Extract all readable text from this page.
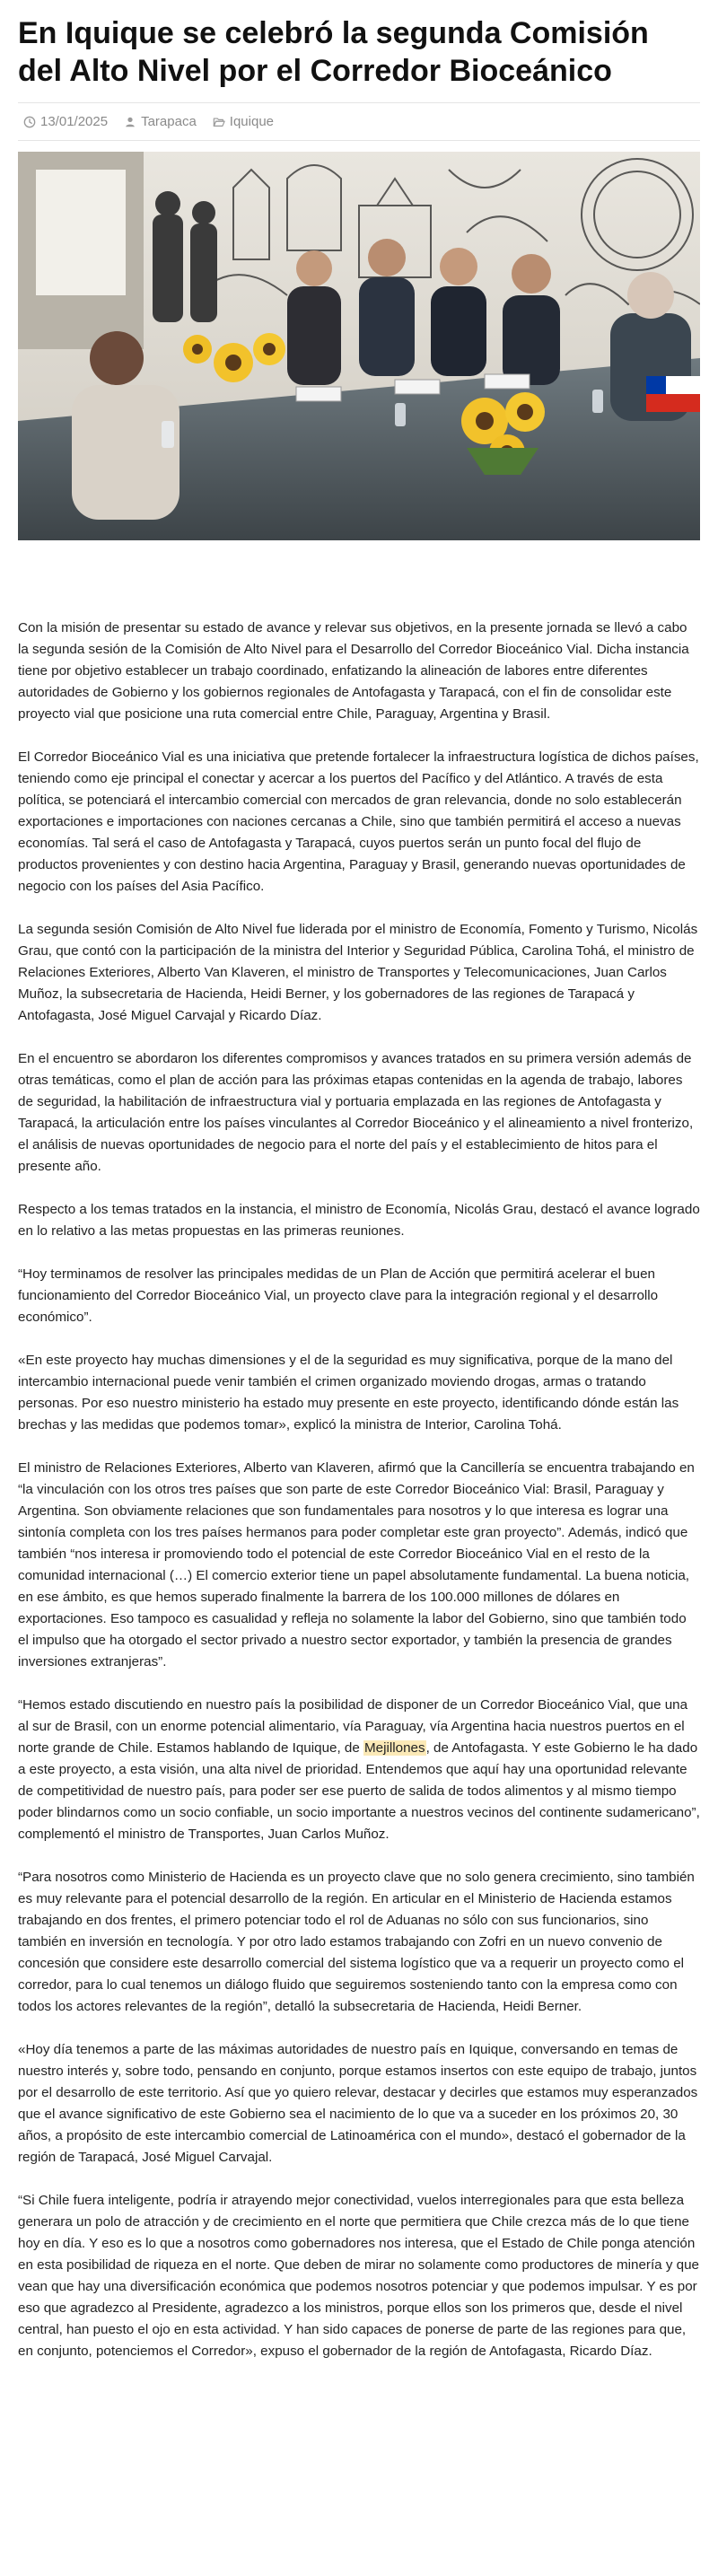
En Iquique se celebró la segunda Comisión del Alto Nivel por el Corredor Bioceánico
13/01/2025 Tarapaca Iquique

Con la misión de presentar su estado de avance y relevar sus objetivos, en la presente jornada se llevó a cabo la segunda sesión de la Comisión de Alto Nivel para el Desarrollo del Corredor Bioceánico Vial. Dicha instancia tiene por objetivo establecer un trabajo coordinado, enfatizando la alineación de labores entre diferentes autoridades de Gobierno y los gobiernos regionales de Antofagasta y Tarapacá, con el fin de consolidar este proyecto vial que posicione una ruta comercial entre Chile, Paraguay, Argentina y Brasil.

El Corredor Bioceánico Vial es una iniciativa que pretende fortalecer la infraestructura logística de dichos países, teniendo como eje principal el conectar y acercar a los puertos del Pacífico y del Atlántico. A través de esta política, se potenciará el intercambio comercial con mercados de gran relevancia, donde no solo establecerán exportaciones e importaciones con naciones cercanas a Chile, sino que también permitirá el acceso a nuevas economías. Tal será el caso de Antofagasta y Tarapacá, cuyos puertos serán un punto focal del flujo de productos provenientes y con destino hacia Argentina, Paraguay y Brasil, generando nuevas oportunidades de negocio con los países del Asia Pacífico.

La segunda sesión Comisión de Alto Nivel fue liderada por el ministro de Economía, Fomento y Turismo, Nicolás Grau, que contó con la participación de la ministra del Interior y Seguridad Pública, Carolina Tohá, el ministro de Relaciones Exteriores, Alberto Van Klaveren, el ministro de Transportes y Telecomunicaciones, Juan Carlos Muñoz, la subsecretaria de Hacienda, Heidi Berner, y los gobernadores de las regiones de Tarapacá y Antofagasta, José Miguel Carvajal y Ricardo Díaz.

En el encuentro se abordaron los diferentes compromisos y avances tratados en su primera versión además de otras temáticas, como el plan de acción para las próximas etapas contenidas en la agenda de trabajo, labores de seguridad, la habilitación de infraestructura vial y portuaria emplazada en las regiones de Antofagasta y Tarapacá, la articulación entre los países vinculantes al Corredor Bioceánico y el alineamiento a nivel fronterizo, el análisis de nuevas oportunidades de negocio para el norte del país y el establecimiento de hitos para el presente año.

Respecto a los temas tratados en la instancia, el ministro de Economía, Nicolás Grau, destacó el avance logrado en lo relativo a las metas propuestas en las primeras reuniones.

“Hoy terminamos de resolver las principales medidas de un Plan de Acción que permitirá acelerar el buen funcionamiento del Corredor Bioceánico Vial, un proyecto clave para la integración regional y el desarrollo económico”.

«En este proyecto hay muchas dimensiones y el de la seguridad es muy significativa, porque de la mano del intercambio internacional puede venir también el crimen organizado moviendo drogas, armas o tratando personas. Por eso nuestro ministerio ha estado muy presente en este proyecto, identificando dónde están las brechas y las medidas que podemos tomar», explicó la ministra de Interior, Carolina Tohá.

El ministro de Relaciones Exteriores, Alberto van Klaveren, afirmó que la Cancillería se encuentra trabajando en “la vinculación con los otros tres países que son parte de este Corredor Bioceánico Vial: Brasil, Paraguay y Argentina. Son obviamente relaciones que son fundamentales para nosotros y lo que interesa es lograr una sintonía completa con los tres países hermanos para poder completar este gran proyecto”. Además, indicó que también “nos interesa ir promoviendo todo el potencial de este Corredor Bioceánico Vial en el resto de la comunidad internacional (…) El comercio exterior tiene un papel absolutamente fundamental. La buena noticia, en ese ámbito, es que hemos superado finalmente la barrera de los 100.000 millones de dólares en exportaciones. Eso tampoco es casualidad y refleja no solamente la labor del Gobierno, sino que también todo el impulso que ha otorgado el sector privado a nuestro sector exportador, y también la presencia de grandes inversiones extranjeras”.

“Hemos estado discutiendo en nuestro país la posibilidad de disponer de un Corredor Bioceánico Vial, que una al sur de Brasil, con un enorme potencial alimentario, vía Paraguay, vía Argentina hacia nuestros puertos en el norte grande de Chile. Estamos hablando de Iquique, de Mejillones, de Antofagasta. Y este Gobierno le ha dado a este proyecto, a esta visión, una alta nivel de prioridad. Entendemos que aquí hay una oportunidad relevante de competitividad de nuestro país, para poder ser ese puerto de salida de todos alimentos y al mismo tiempo poder blindarnos como un socio confiable, un socio importante a nuestros vecinos del continente sudamericano”, complementó el ministro de Transportes, Juan Carlos Muñoz.

“Para nosotros como Ministerio de Hacienda es un proyecto clave que no solo genera crecimiento, sino también es muy relevante para el potencial desarrollo de la región. En articular en el Ministerio de Hacienda estamos trabajando en dos frentes, el primero potenciar todo el rol de Aduanas no sólo con sus funcionarios, sino también en inversión en tecnología. Y por otro lado estamos trabajando con Zofri en un nuevo convenio de concesión que considere este desarrollo comercial del sistema logístico que va a requerir un proyecto como el corredor, para lo cual tenemos un diálogo fluido que seguiremos sosteniendo tanto con la empresa como con todos los actores relevantes de la región”, detalló la subsecretaria de Hacienda, Heidi Berner.

«Hoy día tenemos a parte de las máximas autoridades de nuestro país en Iquique, conversando en temas de nuestro interés y, sobre todo, pensando en conjunto, porque estamos insertos con este equipo de trabajo, juntos por el desarrollo de este territorio. Así que yo quiero relevar, destacar y decirles que estamos muy esperanzados que el avance significativo de este Gobierno sea el nacimiento de lo que va a suceder en los próximos 20, 30 años, a propósito de este intercambio comercial de Latinoamérica con el mundo», destacó el gobernador de la región de Tarapacá, José Miguel Carvajal.

“Si Chile fuera inteligente, podría ir atrayendo mejor conectividad, vuelos interregionales para que esta belleza generara un polo de atracción y de crecimiento en el norte que permitiera que Chile crezca más de lo que tiene hoy en día. Y eso es lo que a nosotros como gobernadores nos interesa, que el Estado de Chile ponga atención en esta posibilidad de riqueza en el norte. Que deben de mirar no solamente como productores de minería y que vean que hay una diversificación económica que podemos nosotros potenciar y que podemos impulsar. Y es por eso que agradezco al Presidente, agradezco a los ministros, porque ellos son los primeros que, desde el nivel central, han puesto el ojo en esta actividad. Y han sido capaces de ponerse de parte de las regiones para que, en conjunto, potenciemos el Corredor», expuso el gobernador de la región de Antofagasta, Ricardo Díaz.
